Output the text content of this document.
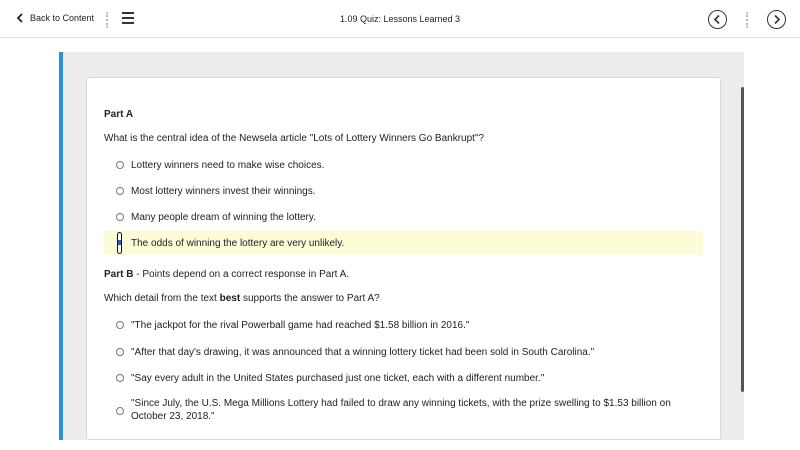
Back to Content	1.09 Quiz: Lessons Learned 3
Part A
What is the central idea of the Newsela article "Lots of Lottery Winners Go Bankrupt"?
Lottery winners need to make wise choices.
Most lottery winners invest their winnings.
Many people dream of winning the lottery.
The odds of winning the lottery are very unlikely.
Part B - Points depend on a correct response in Part A.
Which detail from the text best supports the answer to Part A?
"The jackpot for the rival Powerball game had reached $1.58 billion in 2016."
"After that day's drawing, it was announced that a winning lottery ticket had been sold in South Carolina."
"Say every adult in the United States purchased just one ticket, each with a different number."
"Since July, the U.S. Mega Millions Lottery had failed to draw any winning tickets, with the prize swelling to $1.53 billion on October 23, 2018."
